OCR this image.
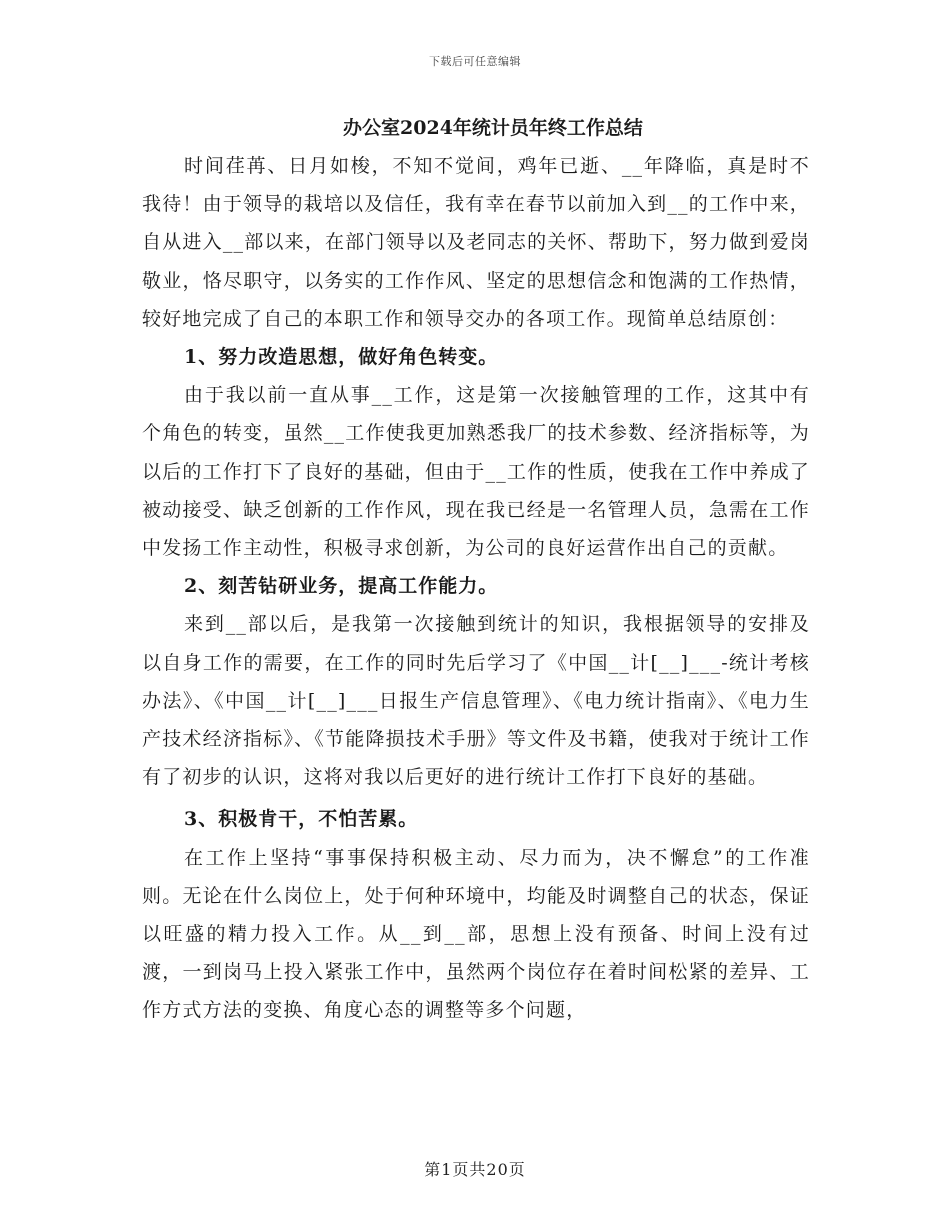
下载后可任意编辑
办公室2024年统计员年终工作总结

时间荏苒、日月如梭，不知不觉间，鸡年已逝、__年降临，真是时不我待！由于领导的栽培以及信任，我有幸在春节以前加入到__的工作中来，自从进入__部以来，在部门领导以及老同志的关怀、帮助下，努力做到爱岗敬业，恪尽职守，以务实的工作作风、坚定的思想信念和饱满的工作热情，较好地完成了自己的本职工作和领导交办的各项工作。现简单总结原创：

1、努力改造思想，做好角色转变。

由于我以前一直从事__工作，这是第一次接触管理的工作，这其中有个角色的转变，虽然__工作使我更加熟悉我厂的技术参数、经济指标等，为以后的工作打下了良好的基础，但由于__工作的性质，使我在工作中养成了被动接受、缺乏创新的工作作风，现在我已经是一名管理人员，急需在工作中发扬工作主动性，积极寻求创新，为公司的良好运营作出自己的贡献。

2、刻苦钻研业务，提高工作能力。

来到__部以后，是我第一次接触到统计的知识，我根据领导的安排及以自身工作的需要，在工作的同时先后学习了《中国__计[__]___-统计考核办法》、《中国__计[__]___日报生产信息管理》、《电力统计指南》、《电力生产技术经济指标》、《节能降损技术手册》等文件及书籍，使我对于统计工作有了初步的认识，这将对我以后更好的进行统计工作打下良好的基础。

3、积极肯干，不怕苦累。

在工作上坚持“事事保持积极主动、尽力而为，决不懈怠”的工作准则。无论在什么岗位上，处于何种环境中，均能及时调整自己的状态，保证以旺盛的精力投入工作。从__到__部，思想上没有预备、时间上没有过渡，一到岗马上投入紧张工作中，虽然两个岗位存在着时间松紧的差异、工作方式方法的变换、角度心态的调整等多个问题，

第1页共20页
